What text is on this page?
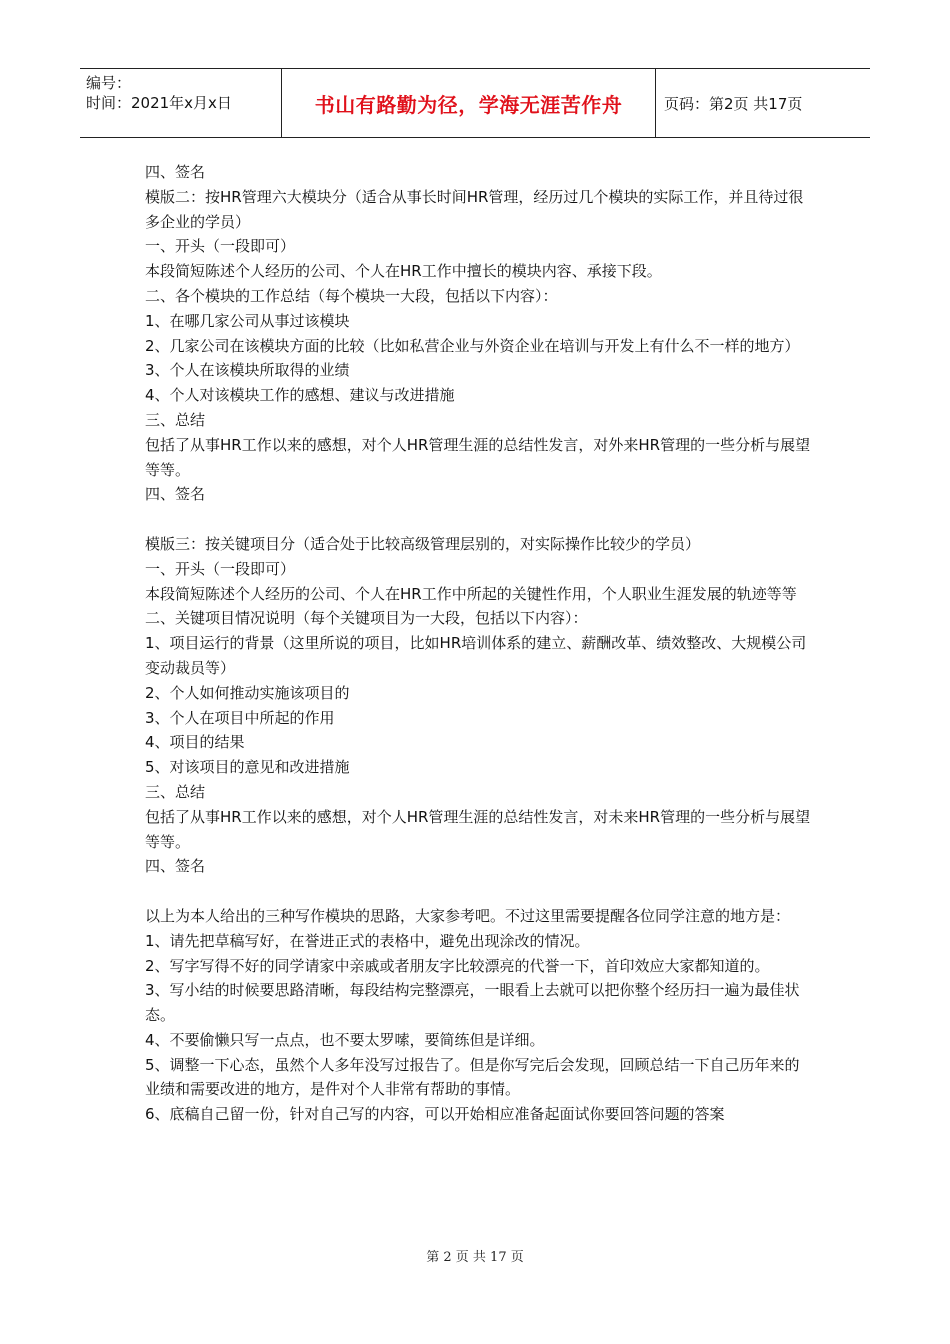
编号：
时间：2021年x月x日	书山有路勤为径，学海无涯苦作舟	页码：第2页 共17页

四、签名

模版二：按HR管理六大模块分（适合从事长时间HR管理，经历过几个模块的实际工作，并且待过很多企业的学员）

一、开头（一段即可）

本段简短陈述个人经历的公司、个人在HR工作中擅长的模块内容、承接下段。

二、各个模块的工作总结（每个模块一大段，包括以下内容）：

1、在哪几家公司从事过该模块

2、几家公司在该模块方面的比较（比如私营企业与外资企业在培训与开发上有什么不一样的地方）

3、个人在该模块所取得的业绩

4、个人对该模块工作的感想、建议与改进措施

三、总结

包括了从事HR工作以来的感想，对个人HR管理生涯的总结性发言，对外来HR管理的一些分析与展望等等。

四、签名

模版三：按关键项目分（适合处于比较高级管理层别的，对实际操作比较少的学员）

一、开头（一段即可）

本段简短陈述个人经历的公司、个人在HR工作中所起的关键性作用，个人职业生涯发展的轨迹等等

二、关键项目情况说明（每个关键项目为一大段，包括以下内容）：

1、项目运行的背景（这里所说的项目，比如HR培训体系的建立、薪酬改革、绩效整改、大规模公司变动裁员等）

2、个人如何推动实施该项目的

3、个人在项目中所起的作用

4、项目的结果

5、对该项目的意见和改进措施

三、总结

包括了从事HR工作以来的感想，对个人HR管理生涯的总结性发言，对未来HR管理的一些分析与展望等等。

四、签名

以上为本人给出的三种写作模块的思路，大家参考吧。不过这里需要提醒各位同学注意的地方是：

1、请先把草稿写好，在誉进正式的表格中，避免出现涂改的情况。

2、写字写得不好的同学请家中亲戚或者朋友字比较漂亮的代誉一下，首印效应大家都知道的。

3、写小结的时候要思路清晰，每段结构完整漂亮，一眼看上去就可以把你整个经历扫一遍为最佳状态。

4、不要偷懒只写一点点，也不要太罗嗦，要简练但是详细。

5、调整一下心态，虽然个人多年没写过报告了。但是你写完后会发现，回顾总结一下自己历年来的业绩和需要改进的地方，是件对个人非常有帮助的事情。

6、底稿自己留一份，针对自己写的内容，可以开始相应准备起面试你要回答问题的答案

第 2 页 共 17 页
